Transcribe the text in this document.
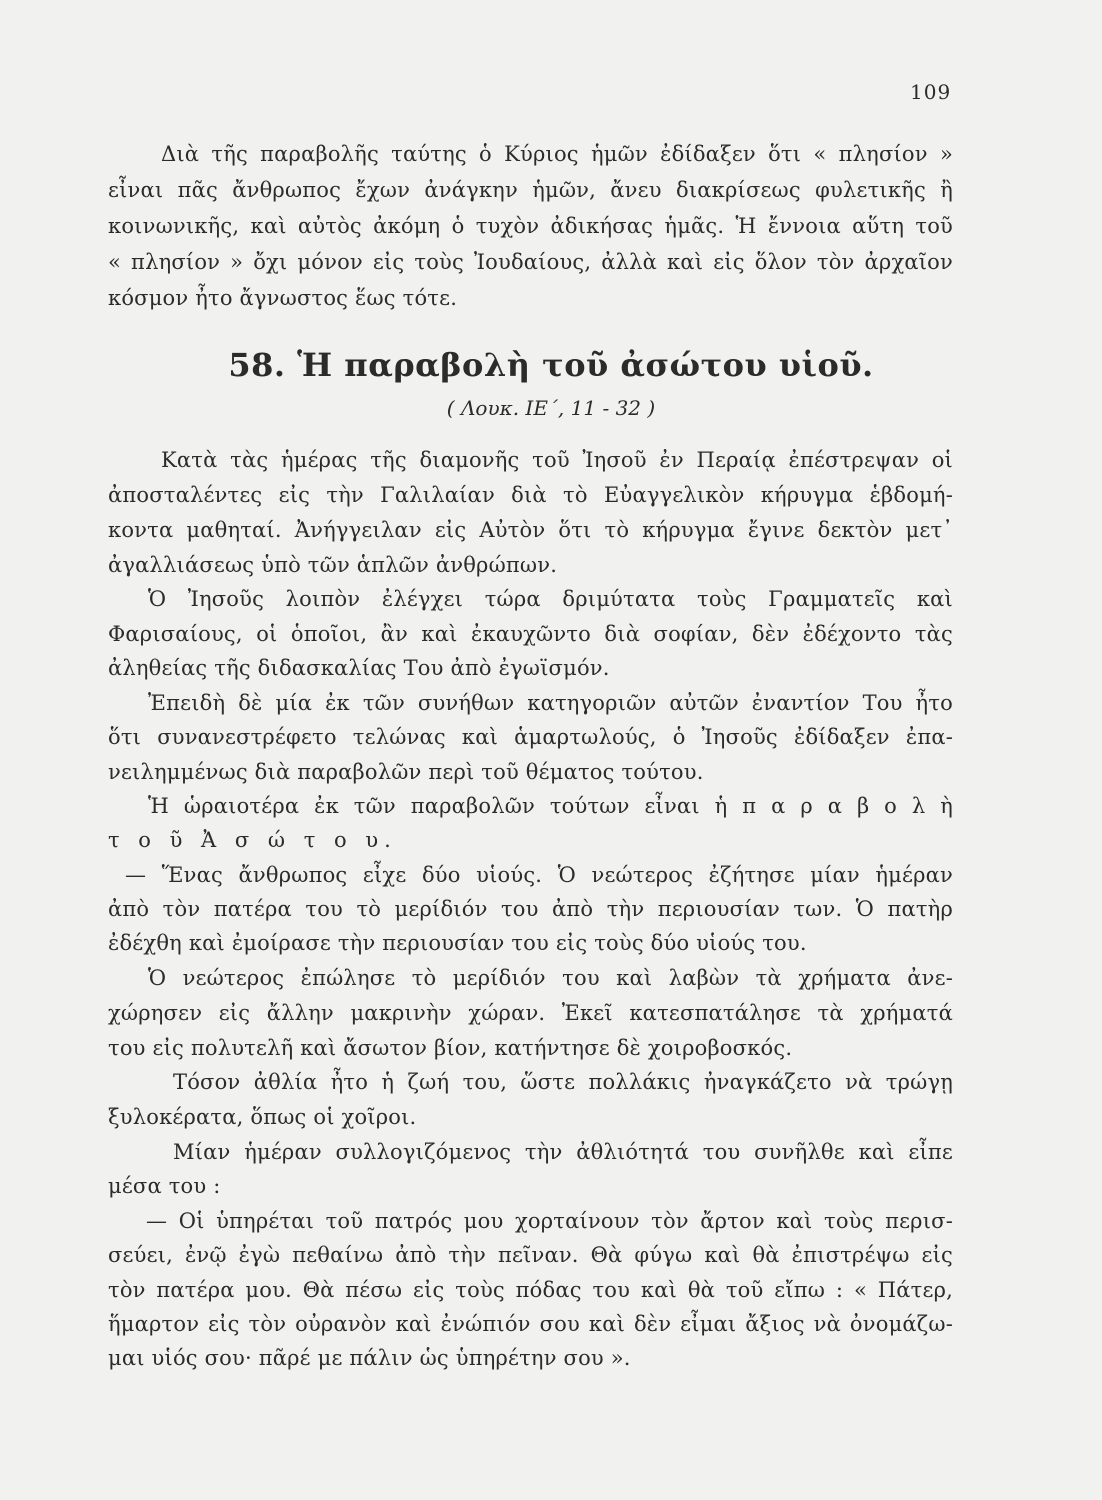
109
Διὰ τῆς παραβολῆς ταύτης ὁ Κύριος ἡμῶν ἐδίδαξεν ὅτι « πλησίον »
εἶναι πᾶς ἄνθρωπος ἔχων ἀνάγκην ἡμῶν, ἄνευ διακρίσεως φυλετικῆς ἢ
κοινωνικῆς, καὶ αὐτὸς ἀκόμη ὁ τυχὸν ἀδικήσας ἡμᾶς. Ἡ ἔννοια αὕτη τοῦ
« πλησίον » ὄχι μόνον εἰς τοὺς Ἰουδαίους, ἀλλὰ καὶ εἰς ὅλον τὸν ἀρχαῖον
κόσμον ἦτο ἄγνωστος ἕως τότε.
58. Ἡ παραβολὴ τοῦ ἀσώτου υἱοῦ.
( Λουκ. ΙΕ΄, 11 - 32 )
Κατὰ τὰς ἡμέρας τῆς διαμονῆς τοῦ Ἰησοῦ ἐν Περαίᾳ ἐπέστρεψαν οἱ
ἀποσταλέντες εἰς τὴν Γαλιλαίαν διὰ τὸ Εὐαγγελικὸν κήρυγμα ἑβδομή-
κοντα μαθηταί. Ἀνήγγειλαν εἰς Αὐτὸν ὅτι τὸ κήρυγμα ἔγινε δεκτὸν μετ᾽
ἀγαλλιάσεως ὑπὸ τῶν ἁπλῶν ἀνθρώπων.
Ὁ Ἰησοῦς λοιπὸν ἐλέγχει τώρα δριμύτατα τοὺς Γραμματεῖς καὶ
Φαρισαίους, οἱ ὁποῖοι, ἂν καὶ ἐκαυχῶντο διὰ σοφίαν, δὲν ἐδέχοντο τὰς
ἀληθείας τῆς διδασκαλίας Του ἀπὸ ἐγωϊσμόν.
Ἐπειδὴ δὲ μία ἐκ τῶν συνήθων κατηγοριῶν αὐτῶν ἐναντίον Του ἦτο
ὅτι συνανεστρέφετο τελώνας καὶ ἁμαρτωλούς, ὁ Ἰησοῦς ἐδίδαξεν ἐπα-
νειλημμένως διὰ παραβολῶν περὶ τοῦ θέματος τούτου.
Ἡ ὡραιοτέρα ἐκ τῶν παραβολῶν τούτων εἶναι ἡ π α ρ α β ο λ ὴ
τ ο ῦ Ἀ σ ώ τ ο υ.
— Ἕνας ἄνθρωπος εἶχε δύο υἱούς. Ὁ νεώτερος ἐζήτησε μίαν ἡμέραν
ἀπὸ τὸν πατέρα του τὸ μερίδιόν του ἀπὸ τὴν περιουσίαν των. Ὁ πατὴρ
ἐδέχθη καὶ ἐμοίρασε τὴν περιουσίαν του εἰς τοὺς δύο υἱούς του.
Ὁ νεώτερος ἐπώλησε τὸ μερίδιόν του καὶ λαβὼν τὰ χρήματα ἀνε-
χώρησεν εἰς ἄλλην μακρινὴν χώραν. Ἐκεῖ κατεσπατάλησε τὰ χρήματά
του εἰς πολυτελῆ καὶ ἄσωτον βίον, κατήντησε δὲ χοιροβοσκός.
Τόσον ἀθλία ἦτο ἡ ζωή του, ὥστε πολλάκις ἠναγκάζετο νὰ τρώγῃ
ξυλοκέρατα, ὅπως οἱ χοῖροι.
Μίαν ἡμέραν συλλογιζόμενος τὴν ἀθλιότητά του συνῆλθε καὶ εἶπε
μέσα του :
— Οἱ ὑπηρέται τοῦ πατρός μου χορταίνουν τὸν ἄρτον καὶ τοὺς περισ-
σεύει, ἐνῷ ἐγὼ πεθαίνω ἀπὸ τὴν πεῖναν. Θὰ φύγω καὶ θὰ ἐπιστρέψω εἰς
τὸν πατέρα μου. Θὰ πέσω εἰς τοὺς πόδας του καὶ θὰ τοῦ εἴπω : « Πάτερ,
ἥμαρτον εἰς τὸν οὐρανὸν καὶ ἐνώπιόν σου καὶ δὲν εἶμαι ἄξιος νὰ ὀνομάζω-
μαι υἱός σου· πᾶρέ με πάλιν ὡς ὑπηρέτην σου ».
